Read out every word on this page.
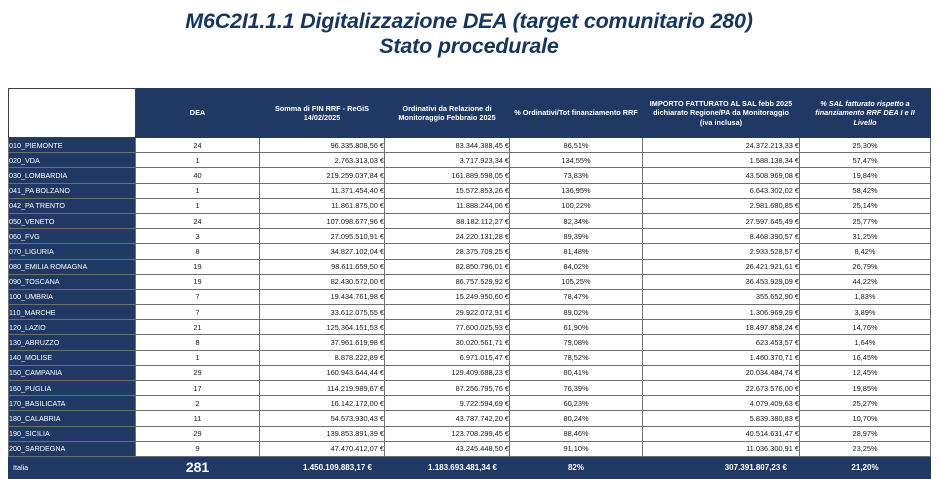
M6C2I1.1.1 Digitalizzazione DEA (target comunitario 280)
Stato procedurale
	DEA	Somma di FIN RRF - ReGiS 14/02/2025	Ordinativi da Relazione di Monitoraggio Febbraio 2025	% Ordinativi/Tot finanziamento RRF	IMPORTO FATTURATO AL SAL febb 2025 dichiarato Regione/PA da Monitoraggio (iva inclusa)	% SAL fatturato rispetto a finanziamento RRF DEA I e II Livello
010_PIEMONTE	24	96.335.808,56 €	83.344.388,45 €	86,51%	24.372.213,33 €	25,30%
020_VDA	1	2.763.313,03 €	3.717.923,34 €	134,55%	1.588.138,34 €	57,47%
030_LOMBARDIA	40	219.259.037,84 €	161.889.598,05 €	73,83%	43.508.969,08 €	19,84%
041_PA BOLZANO	1	11.371.454,40 €	15.572.853,26 €	136,95%	6.643.302,02 €	58,42%
042_PA TRENTO	1	11.861.875,00 €	11.888.244,06 €	100,22%	2.981.680,85 €	25,14%
050_VENETO	24	107.098.677,96 €	88.182.112,27 €	82,34%	27.597.645,49 €	25,77%
060_FVG	3	27.095.510,91 €	24.220.131,28 €	89,39%	8.468.390,57 €	31,25%
070_LIGURIA	8	34.827.102,04 €	28.375.709,25 €	81,48%	2.933.528,57 €	8,42%
080_EMILIA ROMAGNA	19	98.611.659,50 €	82.850.796,01 €	84,02%	26.421.921,61 €	26,79%
090_TOSCANA	19	82.430.572,00 €	86.757.529,92 €	105,25%	36.453.929,09 €	44,22%
100_UMBRIA	7	19.434.761,98 €	15.249.950,60 €	78,47%	355.652,90 €	1,83%
110_MARCHE	7	33.612.075,55 €	29.922.072,91 €	89,02%	1.306.969,29 €	3,89%
120_LAZIO	21	125.364.151,53 €	77.600.025,93 €	61,90%	18.497.858,24 €	14,76%
130_ABRUZZO	8	37.961.619,98 €	30.020.561,71 €	79,08%	623.453,57 €	1,64%
140_MOLISE	1	8.878.222,89 €	6.971.015,47 €	78,52%	1.460.370,71 €	16,45%
150_CAMPANIA	29	160.943.644,44 €	129.409.688,23 €	80,41%	20.034.484,74 €	12,45%
160_PUGLIA	17	114.219.989,67 €	87.256.795,76 €	76,39%	22.673.576,00 €	19,85%
170_BASILICATA	2	16.142.172,00 €	9.722.594,69 €	60,23%	4.079.409,63 €	25,27%
180_CALABRIA	11	54.573.930,43 €	43.787.742,20 €	80,24%	5.839.380,83 €	10,70%
190_SICILIA	29	139.853.891,39 €	123.708.299,45 €	88,46%	40.514.631,47 €	28,97%
200_SARDEGNA	9	47.470.412,07 €	43.245.448,50 €	91,10%	11.036.300,91 €	23,25%
Italia	281	1.450.109.883,17 €	1.183.693.481,34 €	82%	307.391.807,23 €	21,20%
